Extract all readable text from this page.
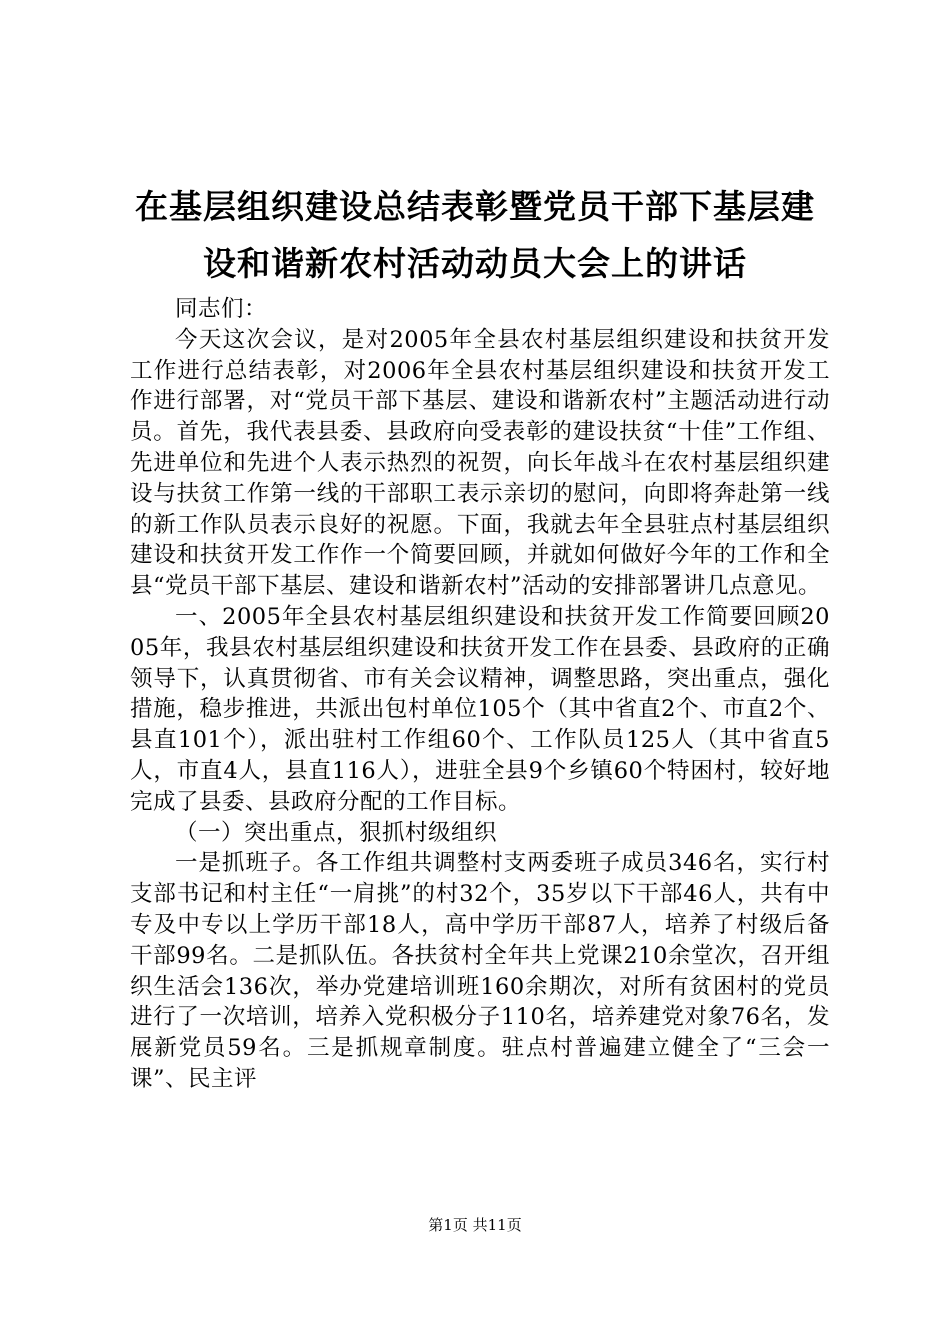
在基层组织建设总结表彰暨党员干部下基层建
设和谐新农村活动动员大会上的讲话

同志们：

今天这次会议，是对2005年全县农村基层组织建设和扶贫开发工作进行总结表彰，对2006年全县农村基层组织建设和扶贫开发工作进行部署，对“党员干部下基层、建设和谐新农村”主题活动进行动员。首先，我代表县委、县政府向受表彰的建设扶贫“十佳”工作组、先进单位和先进个人表示热烈的祝贺，向长年战斗在农村基层组织建设与扶贫工作第一线的干部职工表示亲切的慰问，向即将奔赴第一线的新工作队员表示良好的祝愿。下面，我就去年全县驻点村基层组织建设和扶贫开发工作作一个简要回顾，并就如何做好今年的工作和全县“党员干部下基层、建设和谐新农村”活动的安排部署讲几点意见。

一、2005年全县农村基层组织建设和扶贫开发工作简要回顾2005年，我县农村基层组织建设和扶贫开发工作在县委、县政府的正确领导下，认真贯彻省、市有关会议精神，调整思路，突出重点，强化措施，稳步推进，共派出包村单位105个（其中省直2个、市直2个、县直101个），派出驻村工作组60个、工作队员125人（其中省直5人，市直4人，县直116人），进驻全县9个乡镇60个特困村，较好地完成了县委、县政府分配的工作目标。

（一）突出重点，狠抓村级组织

一是抓班子。各工作组共调整村支两委班子成员346名，实行村支部书记和村主任“一肩挑”的村32个，35岁以下干部46人，共有中专及中专以上学历干部18人，高中学历干部87人，培养了村级后备干部99名。二是抓队伍。各扶贫村全年共上党课210余堂次，召开组织生活会136次，举办党建培训班160余期次，对所有贫困村的党员进行了一次培训，培养入党积极分子110名，培养建党对象76名，发展新党员59名。三是抓规章制度。驻点村普遍建立健全了“三会一课”、民主评

第1页 共11页
